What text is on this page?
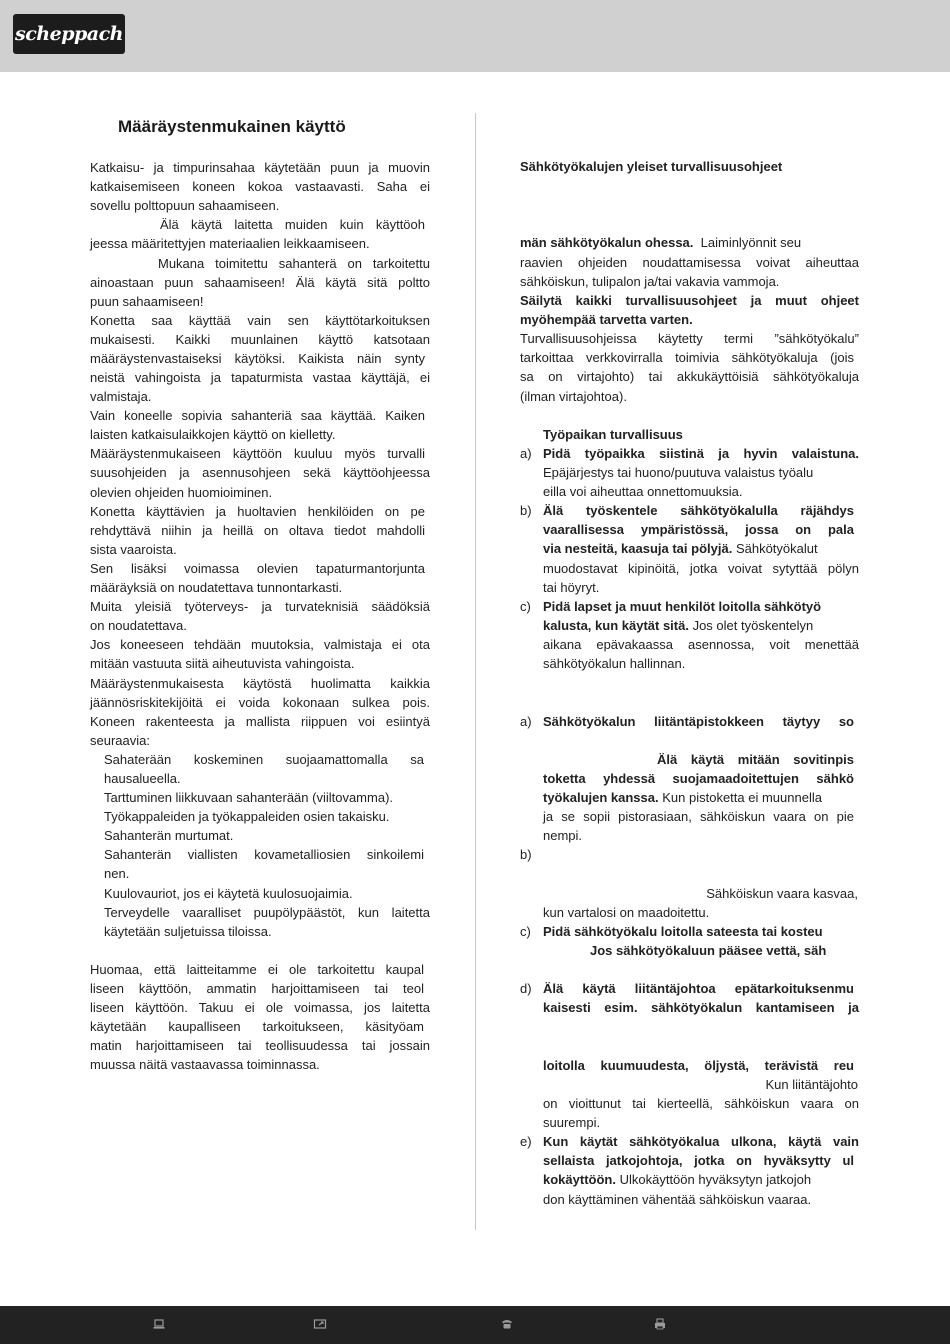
scheppach
Määräystenmukainen käyttö
Katkaisu- ja timpurinsahaa käytetään puun ja muovin
katkaisemiseen koneen kokoa vastaavasti. Saha ei
sovellu polttopuun sahaamiseen.
Älä käytä laitetta muiden kuin käyttöoh
jeessa määritettyjen materiaalien leikkaamiseen.
Mukana toimitettu sahanterä on tarkoitettu
ainoastaan puun sahaamiseen! Älä käytä sitä poltto
puun sahaamiseen!
Konetta saa käyttää vain sen käyttötarkoituksen
mukaisesti. Kaikki muunlainen käyttö katsotaan
määräystenvastaiseksi käytöksi. Kaikista näin synty
neistä vahingoista ja tapaturmista vastaa käyttäjä, ei
valmistaja.
Vain koneelle sopivia sahanteriä saa käyttää. Kaiken
laisten katkaisulaikkojen käyttö on kielletty.
Määräystenmukaiseen käyttöön kuuluu myös turvalli
suusohjeiden ja asennusohjeen sekä käyttöohjeessa
olevien ohjeiden huomioiminen.
Konetta käyttävien ja huoltavien henkilöiden on pe
rehdyttävä niihin ja heillä on oltava tiedot mahdolli
sista vaaroista.
Sen lisäksi voimassa olevien tapaturmantorjunta
määräyksiä on noudatettava tunnontarkasti.
Muita yleisiä työterveys- ja turvateknisiä säädöksiä
on noudatettava.
Jos koneeseen tehdään muutoksia, valmistaja ei ota
mitään vastuuta siitä aiheutuvista vahingoista.
Määräystenmukaisesta käytöstä huolimatta kaikkia
jäännösriskitekijöitä ei voida kokonaan sulkea pois.
Koneen rakenteesta ja mallista riippuen voi esiintyä
seuraavia:
Sahaterään koskeminen suojaamattomalla sa
hausalueella.
Tarttuminen liikkuvaan sahanterään (viiltovamma).
Työkappaleiden ja työkappaleiden osien takaisku.
Sahanterän murtumat.
Sahanterän viallisten kovametalliosien sinkoilemi
nen.
Kuulovauriot, jos ei käytetä kuulosuojaimia.
Terveydelle vaaralliset puupölypäästöt, kun laitetta
käytetään suljetuissa tiloissa.
Huomaa, että laitteitamme ei ole tarkoitettu kaupal
liseen käyttöön, ammatin harjoittamiseen tai teol
liseen käyttöön. Takuu ei ole voimassa, jos laitetta
käytetään kaupalliseen tarkoitukseen, käsityöam
matin harjoittamiseen tai teollisuudessa tai jossain
muussa näitä vastaavassa toiminnassa.
Sähkötyökalujen yleiset turvallisuusohjeet
män sähkötyökalun ohessa. Laiminlyönnit seu
raavien ohjeiden noudattamisessa voivat aiheuttaa
sähköiskun, tulipalon ja/tai vakavia vammoja.
Säilytä kaikki turvallisuusohjeet ja muut ohjeet
myöhempää tarvetta varten.
Turvallisuusohjeissa käytetty termi ”sähkötyökalu”
tarkoittaa verkkovirralla toimivia sähkötyökaluja (jois
sa on virtajohto) tai akkukäyttöisiä sähkötyökaluja
(ilman virtajohtoa).
Työpaikan turvallisuus
a) Pidä työpaikka siistinä ja hyvin valaistuna.
Epäjärjestys tai huono/puutuva valaistus työalu
eilla voi aiheuttaa onnettomuuksia.
b) Älä työskentele sähkötyökalulla räjähdys
vaarallisessa ympäristössä, jossa on pala
via nesteitä, kaasuja tai pölyjä. Sähkötyökalut
muodostavat kipinöitä, jotka voivat sytyttää pölyn
tai höyryt.
c) Pidä lapset ja muut henkilöt loitolla sähkötyö
kalusta, kun käytät sitä. Jos olet työskentelyn
aikana epävakaassa asennossa, voit menettää
sähkötyökalun hallinnan.
a) Sähkötyökalun liitäntäpistokkeen täytyy so
Älä käytä mitään sovitinpis
toketta yhdessä suojamaadoitettujen sähkö
työkalujen kanssa. Kun pistoketta ei muunnella
ja se sopii pistorasiaan, sähköiskun vaara on pie
nempi.
b)
Sähköiskun vaara kasvaa,
kun vartalosi on maadoitettu.
c) Pidä sähkötyökalu loitolla sateesta tai kosteu
Jos sähkötyökaluun pääsee vettä, säh
d) Älä käytä liitäntäjohtoa epätarkoituksenmu
kaisesti esim. sähkötyökalun kantamiseen ja
loitolla kuumuudesta, öljystä, terävistä reu
Kun liitäntäjohto
on vioittunut tai kierteellä, sähköiskun vaara on
suurempi.
e) Kun käytät sähkötyökalua ulkona, käytä vain
sellaista jatkojohtoja, jotka on hyväksytty ul
kokäyttöön. Ulkokäyttöön hyväksytyn jatkojoh
don käyttäminen vähentää sähköiskun vaaraa.
